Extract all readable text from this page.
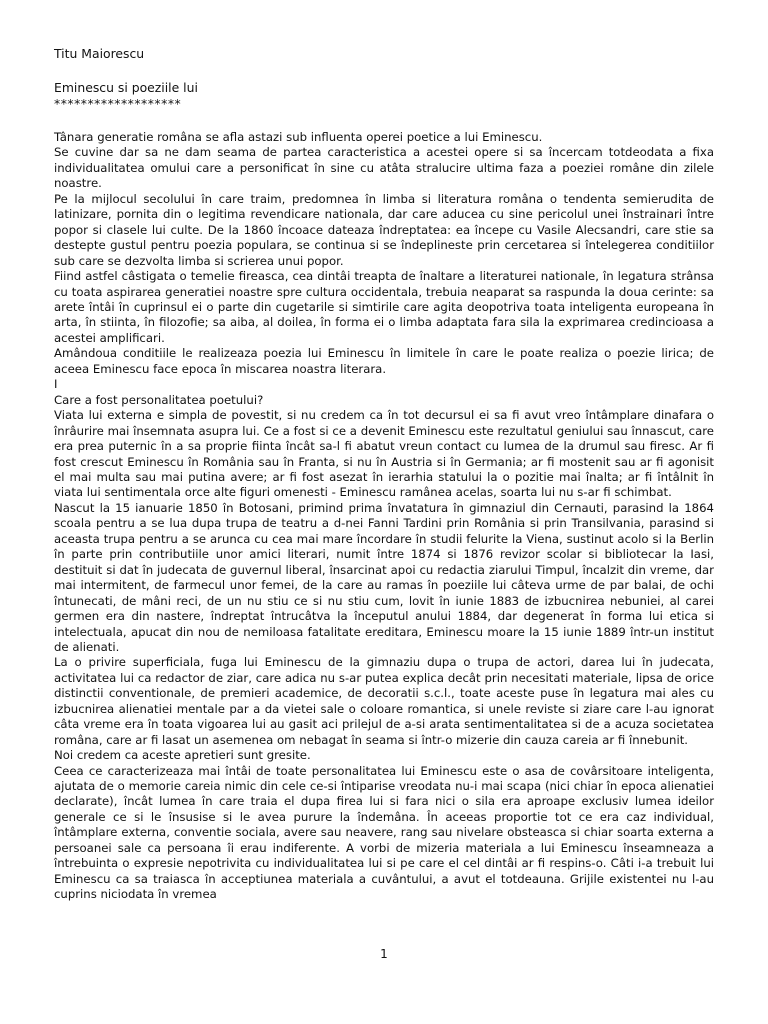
Titu Maiorescu

Eminescu si poeziile lui

*******************

Tânara generatie româna se afla astazi sub influenta operei poetice a lui Eminescu.

Se cuvine dar sa ne dam seama de partea caracteristica a acestei opere si sa încercam totdeodata a fixa individualitatea omului care a personificat în sine cu atâta stralucire ultima faza a poeziei române din zilele noastre.

Pe la mijlocul secolului în care traim, predomnea în limba si literatura româna o tendenta semierudita de latinizare, pornita din o legitima revendicare nationala, dar care aducea cu sine pericolul unei înstrainari între popor si clasele lui culte. De la 1860 încoace dateaza îndreptatea: ea începe cu Vasile Alecsandri, care stie sa destepte gustul pentru poezia populara, se continua si se îndeplineste prin cercetarea si întelegerea conditiilor sub care se dezvolta limba si scrierea unui popor.

Fiind astfel câstigata o temelie fireasca, cea dintâi treapta de înaltare a literaturei nationale, în legatura strânsa cu toata aspirarea generatiei noastre spre cultura occidentala, trebuia neaparat sa raspunda la doua cerinte: sa arete întâi în cuprinsul ei o parte din cugetarile si simtirile care agita deopotriva toata inteligenta europeana în arta, în stiinta, în filozofie; sa aiba, al doilea, în forma ei o limba adaptata fara sila la exprimarea credincioasa a acestei amplificari.

Amândoua conditiile le realizeaza poezia lui Eminescu în limitele în care le poate realiza o poezie lirica; de aceea Eminescu face epoca în miscarea noastra literara.

I

Care a fost personalitatea poetului?

Viata lui externa e simpla de povestit, si nu credem ca în tot decursul ei sa fi avut vreo întâmplare dinafara o înrâurire mai însemnata asupra lui. Ce a fost si ce a devenit Eminescu este rezultatul geniului sau înnascut, care era prea puternic în a sa proprie fiinta încât sa-l fi abatut vreun contact cu lumea de la drumul sau firesc. Ar fi fost crescut Eminescu în România sau în Franta, si nu în Austria si în Germania; ar fi mostenit sau ar fi agonisit el mai multa sau mai putina avere; ar fi fost asezat în ierarhia statului la o pozitie mai înalta; ar fi întâlnit în viata lui sentimentala orce alte figuri omenesti - Eminescu ramânea acelas, soarta lui nu s-ar fi schimbat.

Nascut la 15 ianuarie 1850 în Botosani, primind prima învatatura în gimnaziul din Cernauti, parasind la 1864 scoala pentru a se lua dupa trupa de teatru a d-nei Fanni Tardini prin România si prin Transilvania, parasind si aceasta trupa pentru a se arunca cu cea mai mare încordare în studii felurite la Viena, sustinut acolo si la Berlin în parte prin contributiile unor amici literari, numit între 1874 si 1876 revizor scolar si bibliotecar la Iasi, destituit si dat în judecata de guvernul liberal, însarcinat apoi cu redactia ziarului Timpul, încalzit din vreme, dar mai intermitent, de farmecul unor femei, de la care au ramas în poeziile lui câteva urme de par balai, de ochi întunecati, de mâni reci, de un nu stiu ce si nu stiu cum, lovit în iunie 1883 de izbucnirea nebuniei, al carei germen era din nastere, îndreptat întrucâtva la începutul anului 1884, dar degenerat în forma lui etica si intelectuala, apucat din nou de nemiloasa fatalitate ereditara, Eminescu moare la 15 iunie 1889 într-un institut de alienati.

La o privire superficiala, fuga lui Eminescu de la gimnaziu dupa o trupa de actori, darea lui în judecata, activitatea lui ca redactor de ziar, care adica nu s-ar putea explica decât prin necesitati materiale, lipsa de orice distinctii conventionale, de premieri academice, de decoratii s.c.l., toate aceste puse în legatura mai ales cu izbucnirea alienatiei mentale par a da vietei sale o coloare romantica, si unele reviste si ziare care l-au ignorat câta vreme era în toata vigoarea lui au gasit aci prilejul de a-si arata sentimentalitatea si de a acuza societatea româna, care ar fi lasat un asemenea om nebagat în seama si într-o mizerie din cauza careia ar fi înnebunit.

Noi credem ca aceste apretieri sunt gresite.

Ceea ce caracterizeaza mai întâi de toate personalitatea lui Eminescu este o asa de covârsitoare inteligenta, ajutata de o memorie careia nimic din cele ce-si întiparise vreodata nu-i mai scapa (nici chiar în epoca alienatiei declarate), încât lumea în care traia el dupa firea lui si fara nici o sila era aproape exclusiv lumea ideilor generale ce si le însusise si le avea purure la îndemâna. În aceeas proportie tot ce era caz individual, întâmplare externa, conventie sociala, avere sau neavere, rang sau nivelare obsteasca si chiar soarta externa a persoanei sale ca persoana îi erau indiferente. A vorbi de mizeria materiala a lui Eminescu înseamneaza a întrebuinta o expresie nepotrivita cu individualitatea lui si pe care el cel dintâi ar fi respins-o. Câti i-a trebuit lui Eminescu ca sa traiasca în acceptiunea materiala a cuvântului, a avut el totdeauna. Grijile existentei nu l-au cuprins niciodata în vremea

1
